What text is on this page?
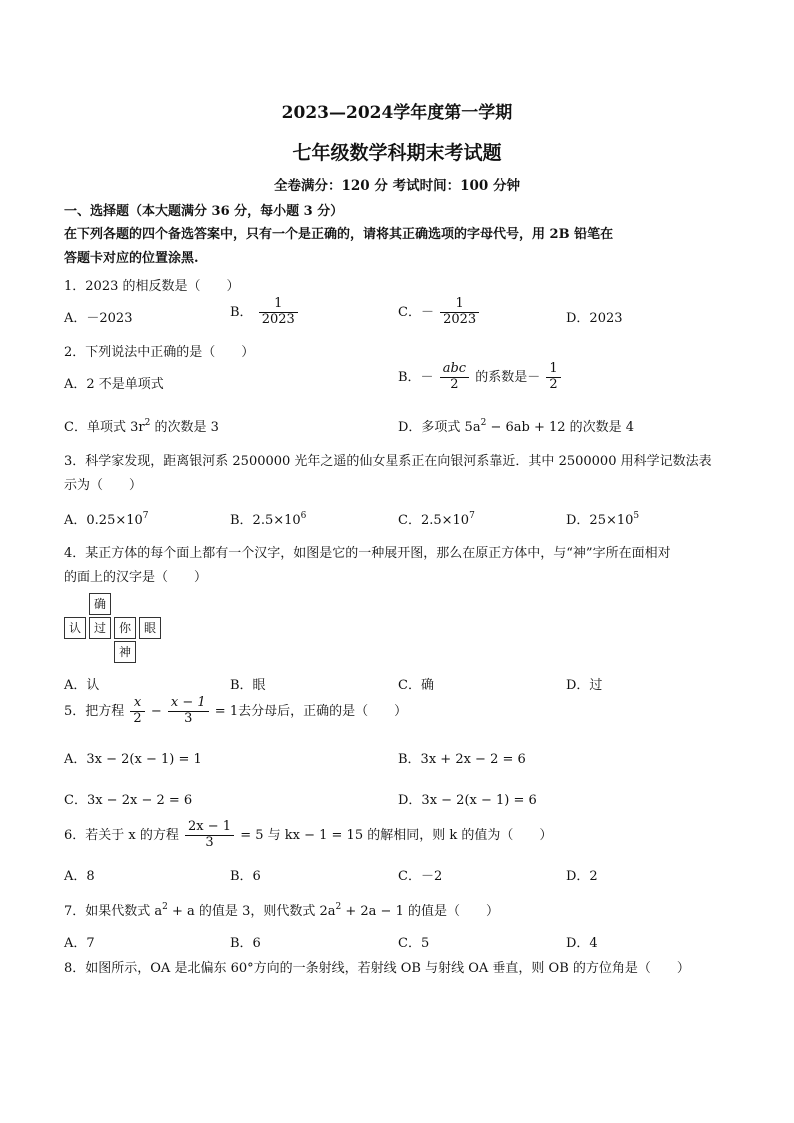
2023—2024学年度第一学期
七年级数学科期末考试题
全卷满分：120 分 考试时间：100 分钟
一、选择题（本大题满分 36 分，每小题 3 分）
在下列各题的四个备选答案中，只有一个是正确的，请将其正确选项的字母代号，用 2B 铅笔在
答题卡对应的位置涂黑.
1．2023 的相反数是（　　）
A．－2023	B． $\frac{1}{2023}$	C．－ $\frac{1}{2023}$	D．2023
2．下列说法中正确的是（　　）
A．2 不是单项式	B．－ $\frac{\text{abc}}{2}$ 的系数是－ $\frac{1}{2}$
C．单项式 $3r^2$ 的次数是 3	D．多项式 $5a^2 - 6ab + 12$ 的次数是 4
3．科学家发现，距离银河系 2500000 光年之遥的仙女星系正在向银河系靠近．其中 2500000 用科学记数法表
示为（　　）
A．$0.25\times 10^7$	B．$2.5\times 10^6$	C．$2.5\times 10^7$	D．$25\times 10^5$
4．某正方体的每个面上都有一个汉字，如图是它的一种展开图，那么在原正方体中，与“神”字所在面相对
的面上的汉字是（　　）
确
认	过	你	眼
神
A．认	B．眼	C．确	D．过
5．把方程 $\frac{x}{2} - \frac{x - 1}{3} = 1$去分母后，正确的是（　　）
A．3x − 2(x − 1) = 1	B．3x + 2x − 2 = 6
C．3x − 2x − 2 = 6	D．3x − 2(x − 1) = 6
6．若关于 x 的方程 $\frac{2x - 1}{3} = 5$ 与 kx − 1 = 15 的解相同，则 k 的值为（　　）
A．8	B．6	C．－2	D．2
7．如果代数式 $a^2 + a$ 的值是 3，则代数式 $2a^2 + 2a - 1$ 的值是（　　）
A．7	B．6	C．5	D．4
8．如图所示，OA 是北偏东 60°方向的一条射线，若射线 OB 与射线 OA 垂直，则 OB 的方位角是（　　）
